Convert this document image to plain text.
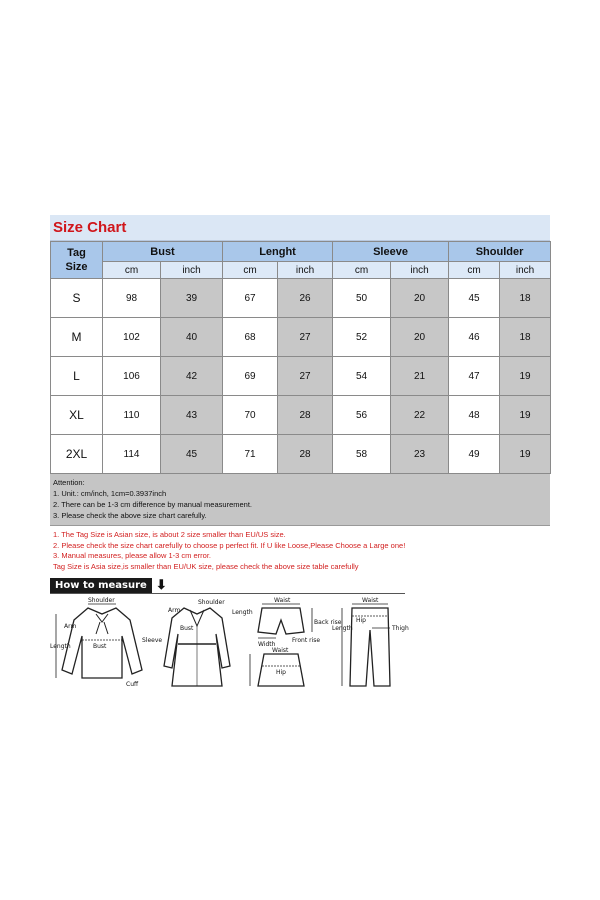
Size Chart
Tag
Size	Bust		Lenght		Sleeve		Shoulder	
	cm	inch	cm	inch	cm	inch	cm	inch
S	98	39	67	26	50	20	45	18
M	102	40	68	27	52	20	46	18
L	106	42	69	27	54	21	47	19
XL	110	43	70	28	56	22	48	19
2XL	114	45	71	28	58	23	49	19
Attention:
1. Unit.: cm/inch, 1cm=0.3937inch
2. There can be 1-3 cm difference by manual measurement.
3. Please check the above size chart carefully.
1. The Tag Size is Asian size, is about 2 size smaller than EU/US size.
2. Please check the size chart carefully to choose p perfect fit. If U like Loose,Please Choose a Large one!
3. Manual measures, please allow 1-3 cm error.
Tag Size is Asia size,is smaller than EU/UK size, please check the above size table carefully
How to measure ⬇
Shoulder
Arm
Bust
Length
Cuff
Sleeve
Shoulder
Arm
Bust
Waist
Length
Width
Back rise
Front rise
Waist
Hip
Waist
Hip
Length	Thigh
